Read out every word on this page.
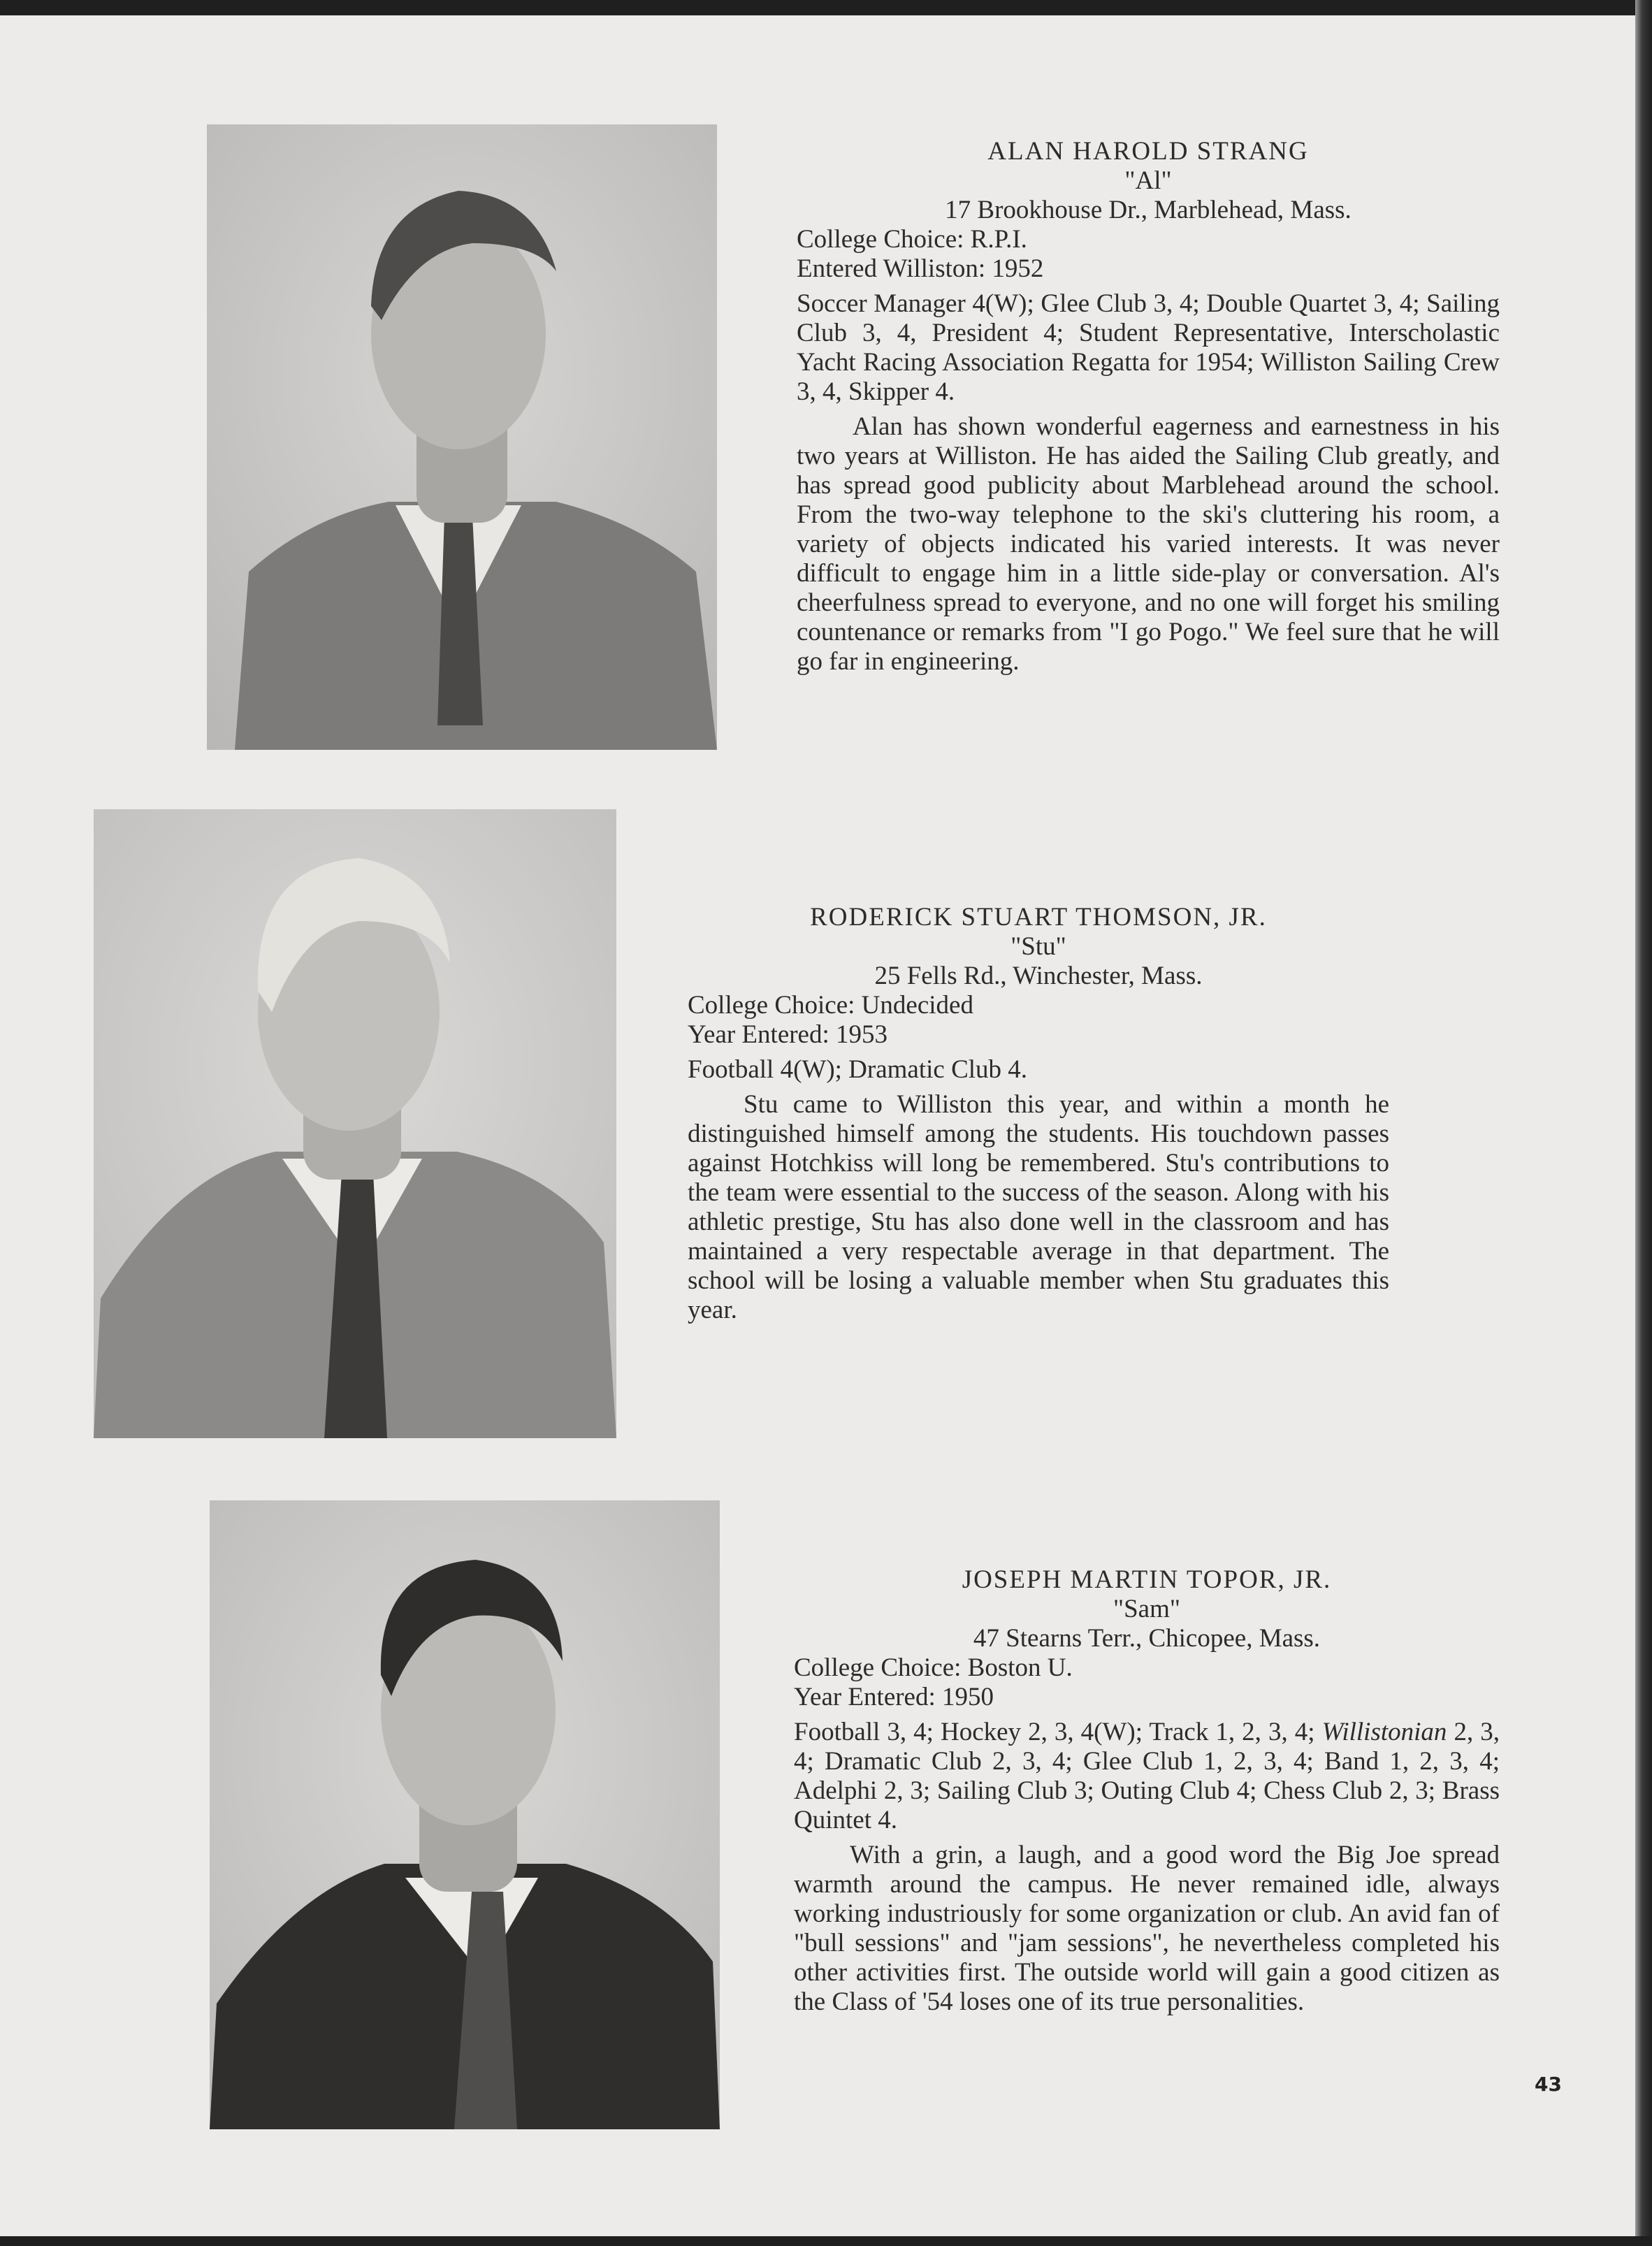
ALAN HAROLD STRANG
"Al"
17 Brookhouse Dr., Marblehead, Mass.
College Choice: R.P.I.
Entered Williston: 1952
Soccer Manager 4(W); Glee Club 3, 4; Double Quartet 3, 4; Sailing Club 3, 4, President 4; Student Representative, Interscholastic Yacht Racing Association Regatta for 1954; Williston Sailing Crew 3, 4, Skipper 4.
Alan has shown wonderful eagerness and earnestness in his two years at Williston. He has aided the Sailing Club greatly, and has spread good publicity about Marblehead around the school. From the two-way telephone to the ski's cluttering his room, a variety of objects indicated his varied interests. It was never difficult to engage him in a little side-play or conversation. Al's cheerfulness spread to everyone, and no one will forget his smiling countenance or remarks from "I go Pogo." We feel sure that he will go far in engineering.
RODERICK STUART THOMSON, JR.
"Stu"
25 Fells Rd., Winchester, Mass.
College Choice: Undecided
Year Entered: 1953
Football 4(W); Dramatic Club 4.
Stu came to Williston this year, and within a month he distinguished himself among the students. His touchdown passes against Hotchkiss will long be remembered. Stu's contributions to the team were essential to the success of the season. Along with his athletic prestige, Stu has also done well in the classroom and has maintained a very respectable average in that department. The school will be losing a valuable member when Stu graduates this year.
JOSEPH MARTIN TOPOR, JR.
"Sam"
47 Stearns Terr., Chicopee, Mass.
College Choice: Boston U.
Year Entered: 1950
Football 3, 4; Hockey 2, 3, 4(W); Track 1, 2, 3, 4; Willistonian 2, 3, 4; Dramatic Club 2, 3, 4; Glee Club 1, 2, 3, 4; Band 1, 2, 3, 4; Adelphi 2, 3; Sailing Club 3; Outing Club 4; Chess Club 2, 3; Brass Quintet 4.
With a grin, a laugh, and a good word the Big Joe spread warmth around the campus. He never remained idle, always working industriously for some organization or club. An avid fan of "bull sessions" and "jam sessions", he nevertheless completed his other activities first. The outside world will gain a good citizen as the Class of '54 loses one of its true personalities.
43
